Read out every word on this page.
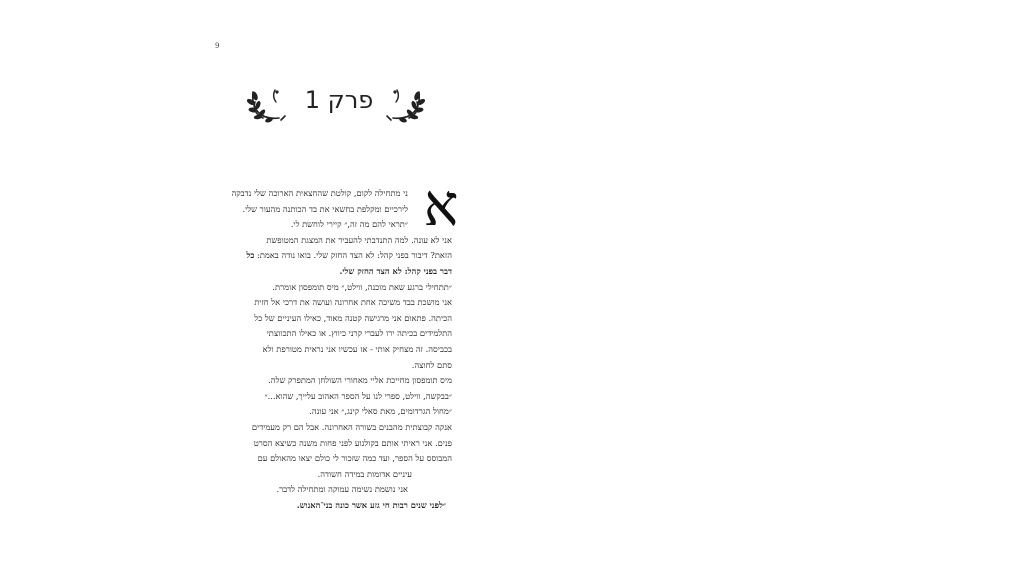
9
פרק 1
א
ני מתחילה לקום, קולטת שהחצאית הארוכה שלי נדבקה
לירכיים ומקלפת בחשאי את בד הכותנה מהעור שלי.
״תראי להם מה זה,״ קיירי לוחשת לי.
אני לא עונה. למה התנדבתי להעביר את המצגת המטופשת
הזאת? דיבור בפני קהל: לא הצד החזק שלי. בואו נודה באמת: כל
דבר בפני קהל: לא הצד החזק שלי.
״תתחילי ברגע שאת מוכנה, ווילט,״ מיס תומפסון אומרת.
אני מושכת בבד משיכה אחת אחרונה ועושה את דרכי אל חזית
הכיתה. פתאום אני מרגישה קטנה מאוד, כאילו העיניים של כל
התלמידים בכיתה ירו לעברי קרני כיווץ. או כאילו התכווצתי
בכביסה. זה מצחיק אותי - אז עכשיו אני נראית מטורפת ולא
סתם לחוצה.
מיס תומפסון מחייכת אליי מאחורי השולחן המתפרק שלה.
״בבקשה, ווילט, ספרי לנו על הספר האהוב עלייך, שהוא...״
״מחול הגרדומים, מאת סאלי קינג,״ אני עונה.
אנקה קבוצתית מהבנים בשורה האחרונה. אבל הם רק מעמידים
פנים. אני ראיתי אותם בקולנוע לפני פחות משנה כשיצא הסרט
המבוסס על הספר, ועד כמה שזכור לי כולם יצאו מהאולם עם
עיניים אדומות במידה חשודה.
אני נושמת נשימה עמוקה ומתחילה לדבר.
״לפני שנים רבות חי גזע אשר כונה בני־האנוש.
